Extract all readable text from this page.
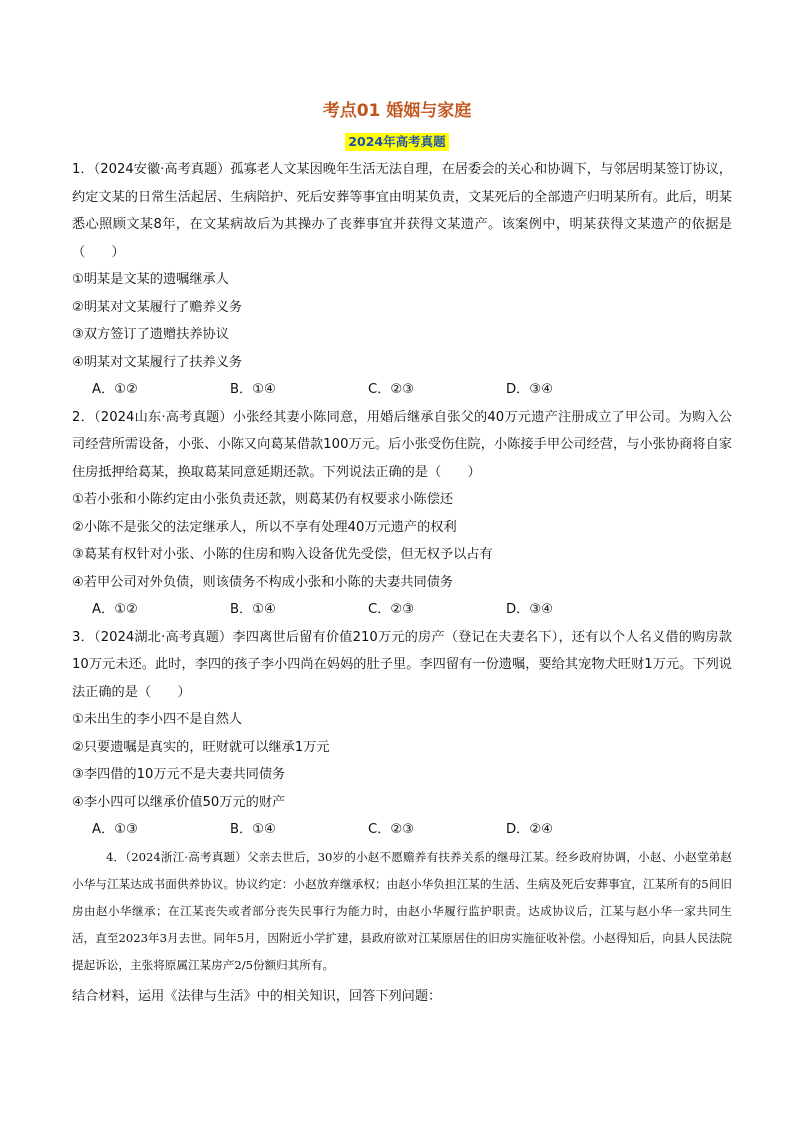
考点01 婚姻与家庭
2024年高考真题

1．（2024安徽·高考真题）孤寡老人文某因晚年生活无法自理，在居委会的关心和协调下，与邻居明某签订协议，约定文某的日常生活起居、生病陪护、死后安葬等事宜由明某负责，文某死后的全部遗产归明某所有。此后，明某悉心照顾文某8年，在文某病故后为其操办了丧葬事宜并获得文某遗产。该案例中，明某获得文某遗产的依据是（　　）

①明某是文某的遗嘱继承人

②明某对文某履行了赡养义务

③双方签订了遗赠扶养协议

④明某对文某履行了扶养义务

A．①②	B．①④	C．②③	D．③④

2．（2024山东·高考真题）小张经其妻小陈同意，用婚后继承自张父的40万元遗产注册成立了甲公司。为购入公司经营所需设备，小张、小陈又向葛某借款100万元。后小张受伤住院，小陈接手甲公司经营，与小张协商将自家住房抵押给葛某，换取葛某同意延期还款。下列说法正确的是（　　）

①若小张和小陈约定由小张负责还款，则葛某仍有权要求小陈偿还

②小陈不是张父的法定继承人，所以不享有处理40万元遗产的权利

③葛某有权针对小张、小陈的住房和购入设备优先受偿，但无权予以占有

④若甲公司对外负债，则该债务不构成小张和小陈的夫妻共同债务

A．①②	B．①④	C．②③	D．③④

3．（2024湖北·高考真题）李四离世后留有价值210万元的房产（登记在夫妻名下），还有以个人名义借的购房款10万元未还。此时，李四的孩子李小四尚在妈妈的肚子里。李四留有一份遗嘱，要给其宠物犬旺财1万元。下列说法正确的是（　　）

①未出生的李小四不是自然人

②只要遗嘱是真实的，旺财就可以继承1万元

③李四借的10万元不是夫妻共同债务

④李小四可以继承价值50万元的财产

A．①③	B．①④	C．②③	D．②④

4．（2024浙江·高考真题）父亲去世后，30岁的小赵不愿赡养有扶养关系的继母江某。经乡政府协调，小赵、小赵堂弟赵小华与江某达成书面供养协议。协议约定：小赵放弃继承权；由赵小华负担江某的生活、生病及死后安葬事宜，江某所有的5间旧房由赵小华继承；在江某丧失或者部分丧失民事行为能力时，由赵小华履行监护职责。达成协议后，江某与赵小华一家共同生活，直至2023年3月去世。同年5月，因附近小学扩建，县政府欲对江某原居住的旧房实施征收补偿。小赵得知后，向县人民法院提起诉讼，主张将原属江某房产2/5份额归其所有。

结合材料，运用《法律与生活》中的相关知识，回答下列问题：
